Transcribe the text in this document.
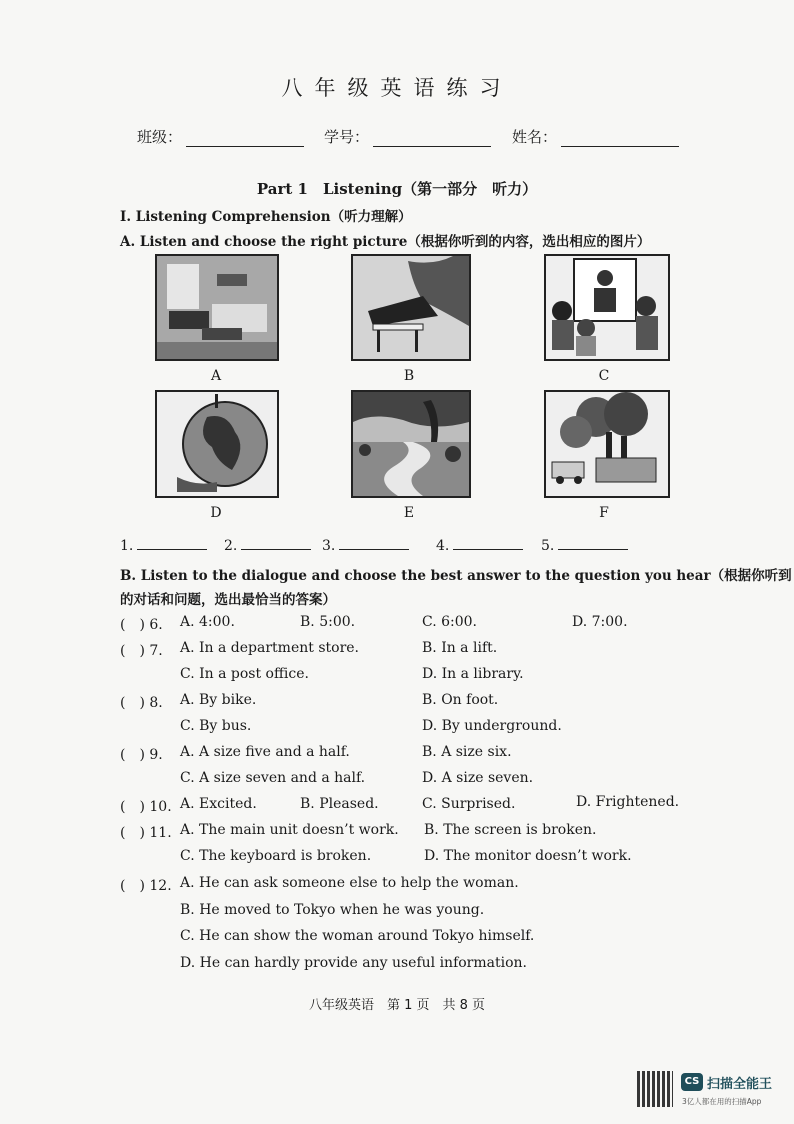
八年级英语练习
班级：	学号：	姓名：
Part 1　Listening（第一部分　听力）
I. Listening Comprehension（听力理解）
A. Listen and choose the right picture（根据你听到的内容，选出相应的图片）
A	B	C
D	E	F
1.	2.	3.	4.	5.
B. Listen to the dialogue and choose the best answer to the question you hear（根据你听到
的对话和问题，选出最恰当的答案）
(　) 6. A. 4:00.	B. 5:00.	C. 6:00.	D. 7:00.
(　) 7. A. In a department store.	B. In a lift.
C. In a post office.	D. In a library.
(　) 8. A. By bike.	B. On foot.
C. By bus.	D. By underground.
(　) 9. A. A size five and a half.	B. A size six.
C. A size seven and a half.	D. A size seven.
(　) 10. A. Excited.	B. Pleased.	C. Surprised.	D. Frightened.
(　) 11. A. The main unit doesn’t work. B. The screen is broken.
C. The keyboard is broken.	D. The monitor doesn’t work.
(　) 12. A. He can ask someone else to help the woman.
B. He moved to Tokyo when he was young.
C. He can show the woman around Tokyo himself.
D. He can hardly provide any useful information.
八年级英语　第 1 页　共 8 页
CS 扫描全能王
3亿人都在用的扫描App
